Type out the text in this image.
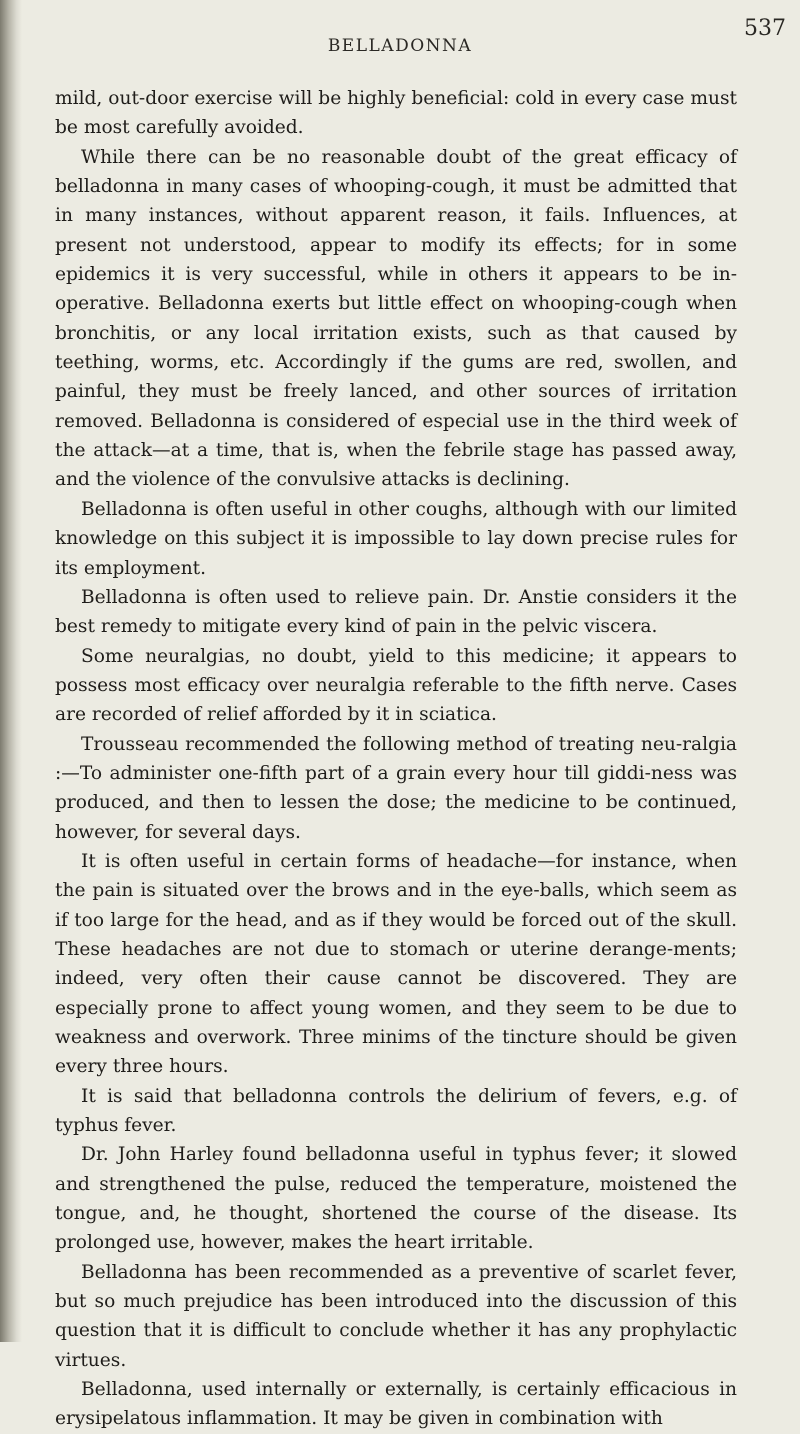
BELLADONNA
537

mild, out-door exercise will be highly beneficial: cold in every case must be most carefully avoided.

While there can be no reasonable doubt of the great efficacy of belladonna in many cases of whooping-cough, it must be admitted that in many instances, without apparent reason, it fails. Influences, at present not understood, appear to modify its effects; for in some epidemics it is very successful, while in others it appears to be in-operative. Belladonna exerts but little effect on whooping-cough when bronchitis, or any local irritation exists, such as that caused by teething, worms, etc. Accordingly if the gums are red, swollen, and painful, they must be freely lanced, and other sources of irritation removed. Belladonna is considered of especial use in the third week of the attack—at a time, that is, when the febrile stage has passed away, and the violence of the convulsive attacks is declining.

Belladonna is often useful in other coughs, although with our limited knowledge on this subject it is impossible to lay down precise rules for its employment.

Belladonna is often used to relieve pain. Dr. Anstie considers it the best remedy to mitigate every kind of pain in the pelvic viscera.

Some neuralgias, no doubt, yield to this medicine; it appears to possess most efficacy over neuralgia referable to the fifth nerve. Cases are recorded of relief afforded by it in sciatica.

Trousseau recommended the following method of treating neu-ralgia :—To administer one-fifth part of a grain every hour till giddi-ness was produced, and then to lessen the dose; the medicine to be continued, however, for several days.

It is often useful in certain forms of headache—for instance, when the pain is situated over the brows and in the eye-balls, which seem as if too large for the head, and as if they would be forced out of the skull. These headaches are not due to stomach or uterine derange-ments; indeed, very often their cause cannot be discovered. They are especially prone to affect young women, and they seem to be due to weakness and overwork. Three minims of the tincture should be given every three hours.

It is said that belladonna controls the delirium of fevers, e.g. of typhus fever.

Dr. John Harley found belladonna useful in typhus fever; it slowed and strengthened the pulse, reduced the temperature, moistened the tongue, and, he thought, shortened the course of the disease. Its prolonged use, however, makes the heart irritable.

Belladonna has been recommended as a preventive of scarlet fever, but so much prejudice has been introduced into the discussion of this question that it is difficult to conclude whether it has any prophylactic virtues.

Belladonna, used internally or externally, is certainly efficacious in erysipelatous inflammation. It may be given in combination with
